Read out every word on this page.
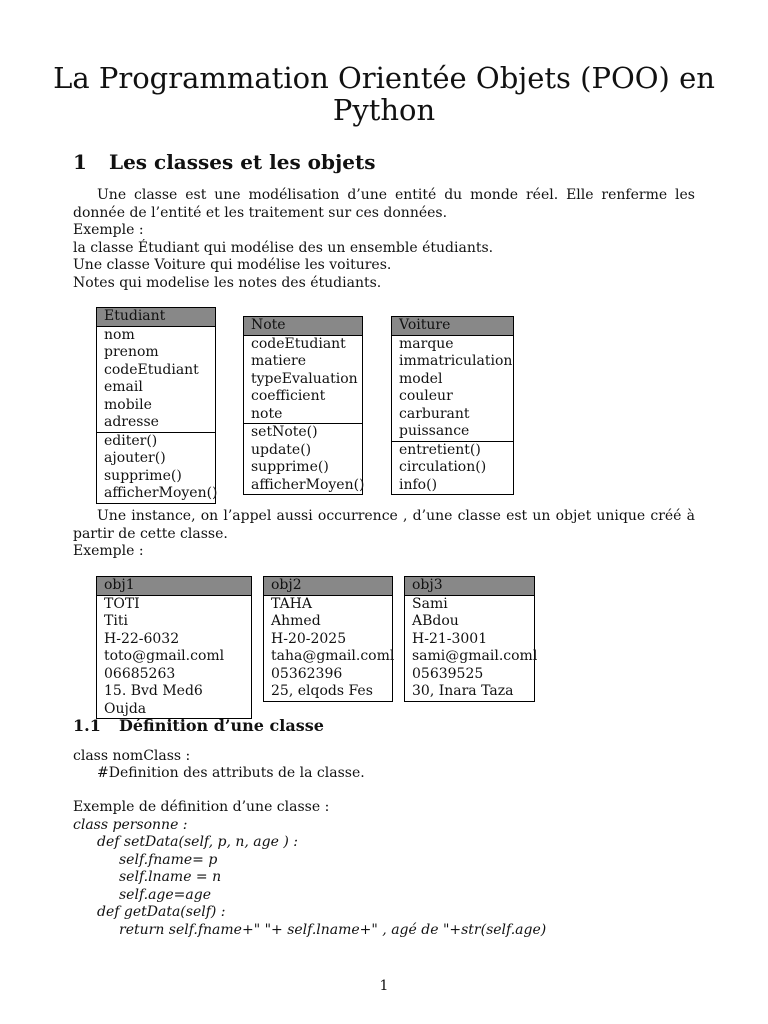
La Programmation Orientée Objets (POO) en Python
1 Les classes et les objets
Une classe est une modélisation d’une entité du monde réel. Elle renferme les donnée de l’entité et les traitement sur ces données.
Exemple :
la classe Étudiant qui modélise des un ensemble étudiants.
Une classe Voiture qui modélise les voitures.
Notes qui modelise les notes des étudiants.
Etudiant
nom
prenom
codeEtudiant
email
mobile
adresse
editer()
ajouter()
supprime()
afficherMoyen()
Note
codeEtudiant
matiere
typeEvaluation
coefficient
note
setNote()
update()
supprime()
afficherMoyen()
Voiture
marque
immatriculation
model
couleur
carburant
puissance
entretient()
circulation()
info()
Une instance, on l’appel aussi occurrence , d’une classe est un objet unique créé à partir de cette classe.
Exemple :
obj1
TOTI
Titi
H-22-6032
toto@gmail.coml
06685263
15. Bvd Med6 Oujda
obj2
TAHA
Ahmed
H-20-2025
taha@gmail.coml
05362396
25, elqods Fes
obj3
Sami
ABdou
H-21-3001
sami@gmail.coml
05639525
30, Inara Taza
1.1 Définition d’une classe
class nomClass :
#Definition des attributs de la classe.
Exemple de définition d’une classe :
class personne :
def setData(self, p, n, age ) :
self.fname= p
self.lname = n
self.age=age
def getData(self) :
return self.fname+" "+ self.lname+" , agé de "+str(self.age)
1
